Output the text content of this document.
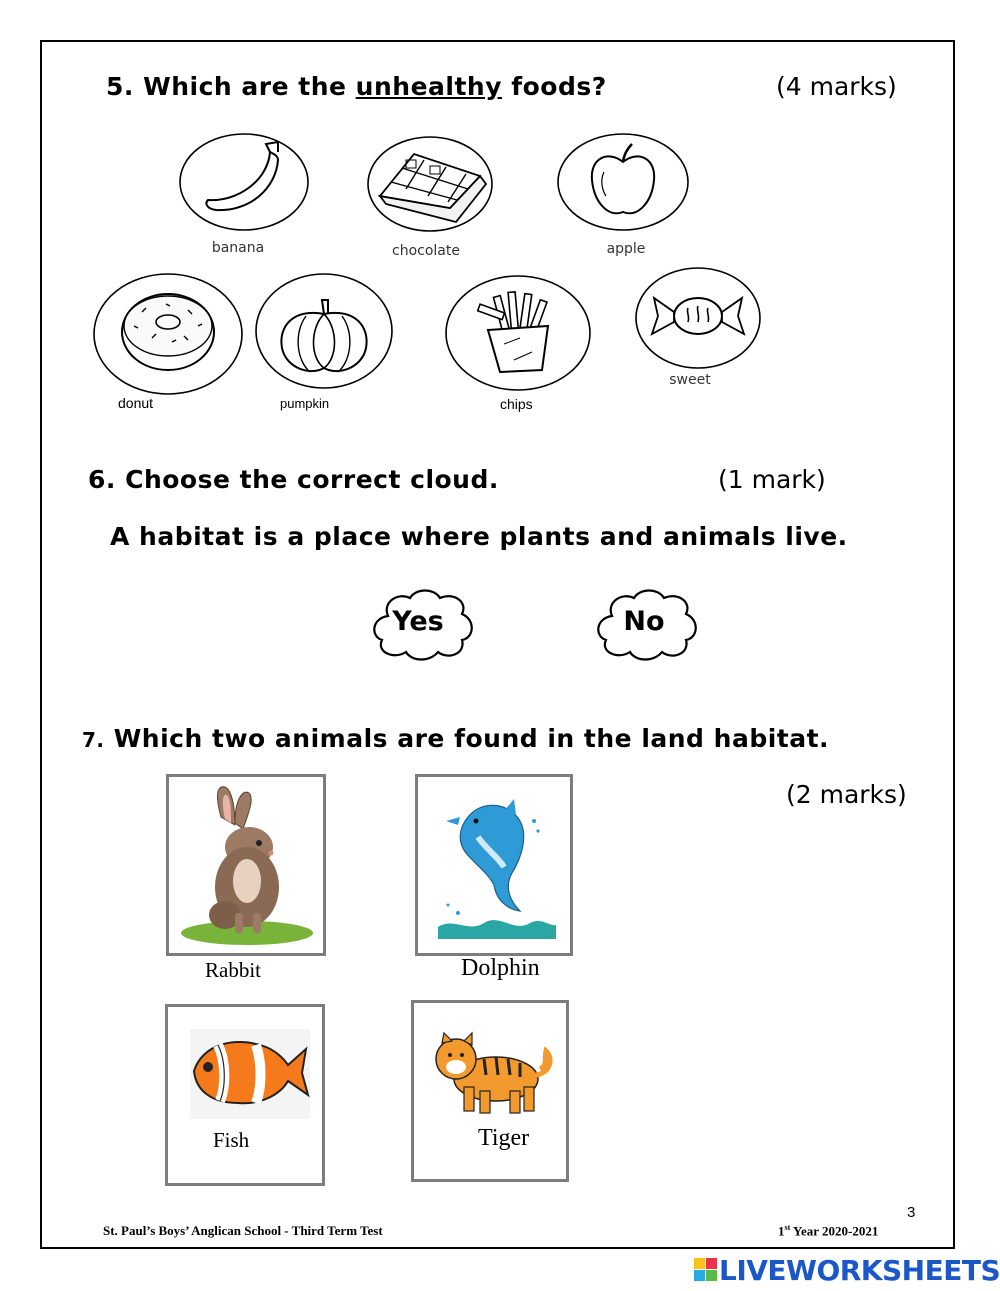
5. Which are the unhealthy foods?	(4 marks)
banana	chocolate	apple
donut	pumpkin	chips
sweet
6. Choose the correct cloud.	(1 mark)
A habitat is a place where plants and animals live.
Yes	No
7. Which two animals are found in the land habitat.
(2 marks)
Rabbit	Dolphin
Fish	Tiger
3
St. Paul’s Boys’ Anglican School - Third Term Test	1st Year 2020-2021
LIVEWORKSHEETS
